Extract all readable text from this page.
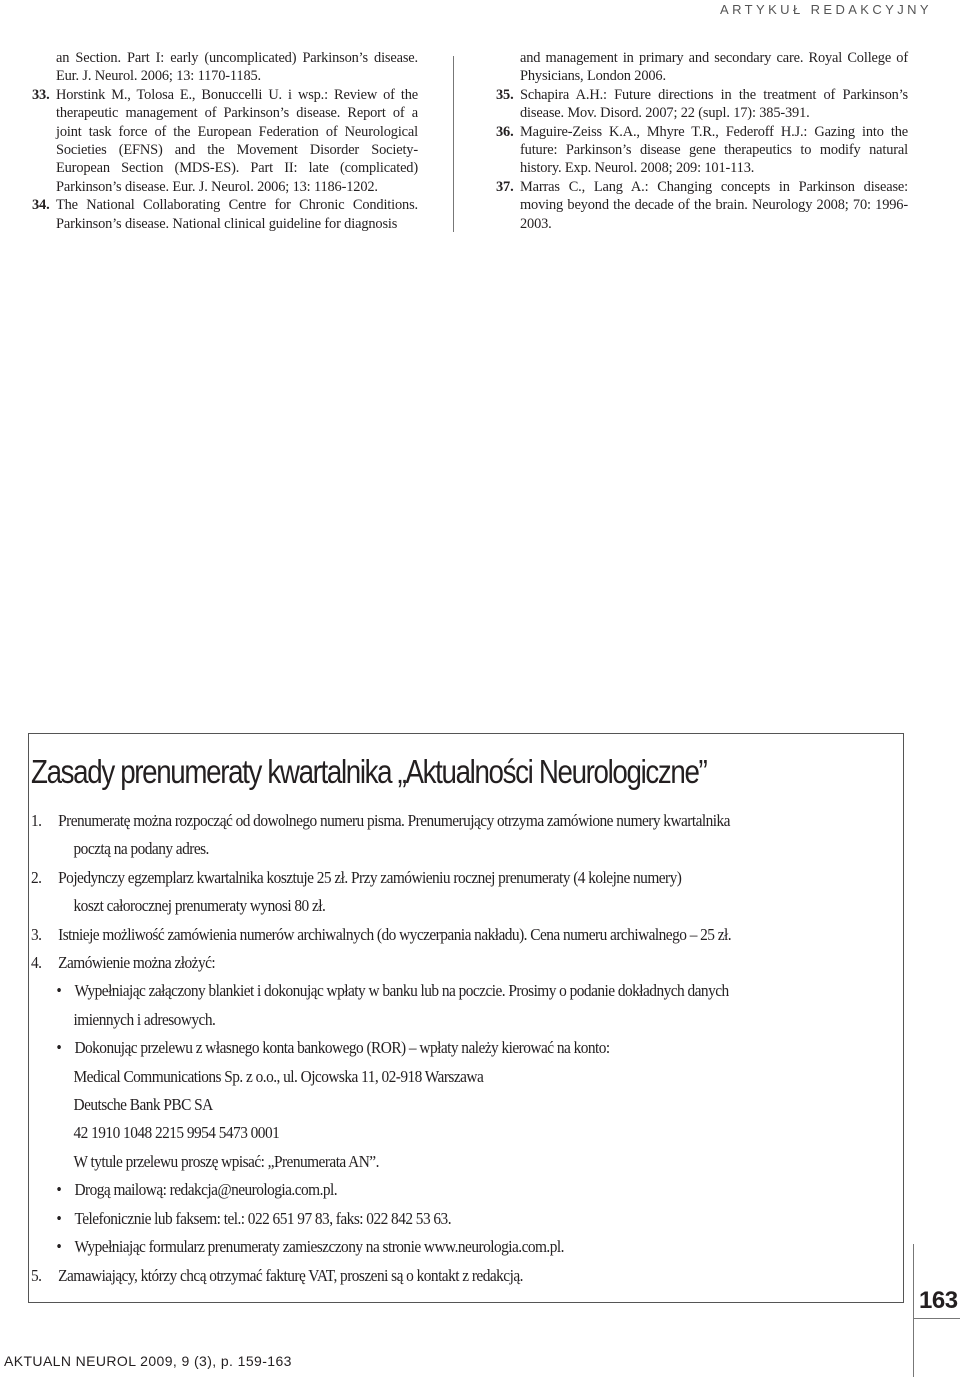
ARTYKUŁ REDAKCYJNY
an Section. Part I: early (uncomplicated) Parkinson’s disease. Eur. J. Neurol. 2006; 13: 1170-1185.
33. Horstink M., Tolosa E., Bonuccelli U. i wsp.: Review of the therapeutic management of Parkinson’s disease. Report of a joint task force of the European Federation of Neurological Societies (EFNS) and the Movement Disorder Society-European Section (MDS-ES). Part II: late (complicated) Parkinson’s disease. Eur. J. Neurol. 2006; 13: 1186-1202.
34. The National Collaborating Centre for Chronic Conditions. Parkinson’s disease. National clinical guideline for diagnosis
and management in primary and secondary care. Royal College of Physicians, London 2006.
35. Schapira A.H.: Future directions in the treatment of Parkinson’s disease. Mov. Disord. 2007; 22 (supl. 17): 385-391.
36. Maguire-Zeiss K.A., Mhyre T.R., Federoff H.J.: Gazing into the future: Parkinson’s disease gene therapeutics to modify natural history. Exp. Neurol. 2008; 209: 101-113.
37. Marras C., Lang A.: Changing concepts in Parkinson disease: moving beyond the decade of the brain. Neurology 2008; 70: 1996-2003.
Zasady prenumeraty kwartalnika „Aktualności Neurologiczne”
1. Prenumeratę można rozpocząć od dowolnego numeru pisma. Prenumerujący otrzyma zamówione numery kwartalnika
pocztą na podany adres.
2. Pojedynczy egzemplarz kwartalnika kosztuje 25 zł. Przy zamówieniu rocznej prenumeraty (4 kolejne numery)
koszt całorocznej prenumeraty wynosi 80 zł.
3. Istnieje możliwość zamówienia numerów archiwalnych (do wyczerpania nakładu). Cena numeru archiwalnego – 25 zł.
4. Zamówienie można złożyć:
• Wypełniając załączony blankiet i dokonując wpłaty w banku lub na poczcie. Prosimy o podanie dokładnych danych
imiennych i adresowych.
• Dokonując przelewu z własnego konta bankowego (ROR) – wpłaty należy kierować na konto:
Medical Communications Sp. z o.o., ul. Ojcowska 11, 02-918 Warszawa
Deutsche Bank PBC SA
42 1910 1048 2215 9954 5473 0001
W tytule przelewu proszę wpisać: „Prenumerata AN”.
• Drogą mailową: redakcja@neurologia.com.pl.
• Telefonicznie lub faksem: tel.: 022 651 97 83, faks: 022 842 53 63.
• Wypełniając formularz prenumeraty zamieszczony na stronie www.neurologia.com.pl.
5. Zamawiający, którzy chcą otrzymać fakturę VAT, proszeni są o kontakt z redakcją.
163
AKTUALN NEUROL 2009, 9 (3), p. 159-163
